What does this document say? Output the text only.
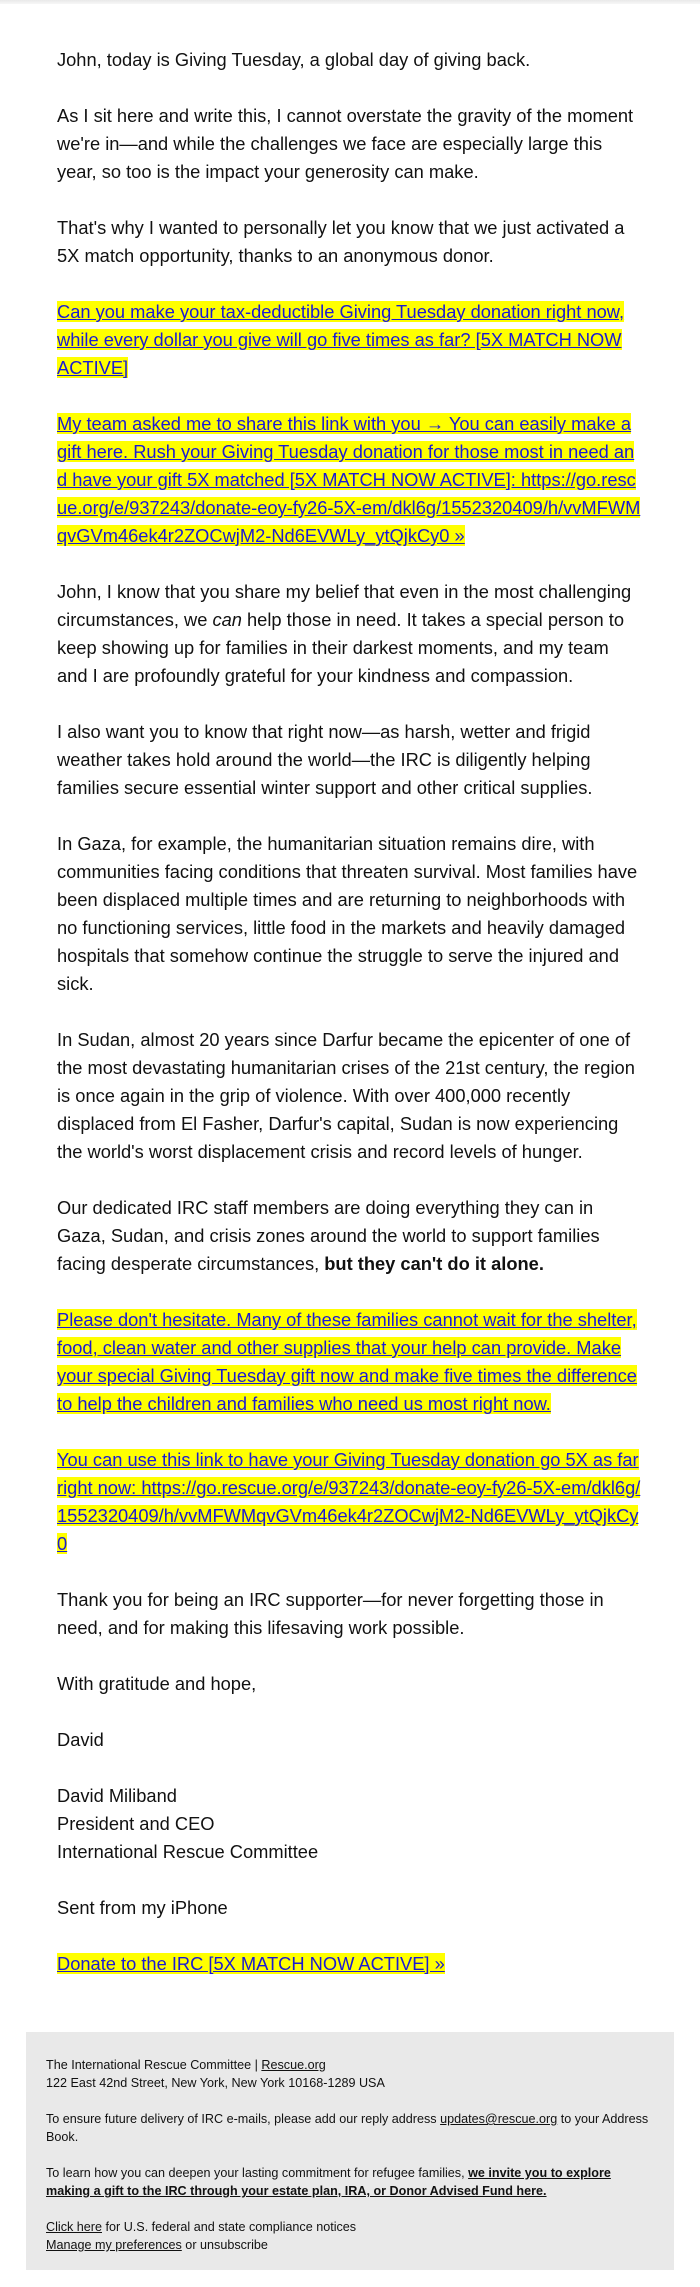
John, today is Giving Tuesday, a global day of giving back.

As I sit here and write this, I cannot overstate the gravity of the moment we're in—and while the challenges we face are especially large this year, so too is the impact your generosity can make.

That's why I wanted to personally let you know that we just activated a 5X match opportunity, thanks to an anonymous donor.

Can you make your tax-deductible Giving Tuesday donation right now, while every dollar you give will go five times as far? [5X MATCH NOW ACTIVE]

My team asked me to share this link with you → You can easily make a gift here. Rush your Giving Tuesday donation for those most in need and have your gift 5X matched [5X MATCH NOW ACTIVE]: https://go.rescue.org/e/937243/donate-eoy-fy26-5X-em/dkl6g/1552320409/h/vvMFWMqvGVm46ek4r2ZOCwjM2-Nd6EVWLy_ytQjkCy0 »

John, I know that you share my belief that even in the most challenging circumstances, we can help those in need. It takes a special person to keep showing up for families in their darkest moments, and my team and I are profoundly grateful for your kindness and compassion.

I also want you to know that right now—as harsh, wetter and frigid weather takes hold around the world—the IRC is diligently helping families secure essential winter support and other critical supplies.

In Gaza, for example, the humanitarian situation remains dire, with communities facing conditions that threaten survival. Most families have been displaced multiple times and are returning to neighborhoods with no functioning services, little food in the markets and heavily damaged hospitals that somehow continue the struggle to serve the injured and sick.

In Sudan, almost 20 years since Darfur became the epicenter of one of the most devastating humanitarian crises of the 21st century, the region is once again in the grip of violence. With over 400,000 recently displaced from El Fasher, Darfur's capital, Sudan is now experiencing the world's worst displacement crisis and record levels of hunger.

Our dedicated IRC staff members are doing everything they can in Gaza, Sudan, and crisis zones around the world to support families facing desperate circumstances, but they can't do it alone.

Please don't hesitate. Many of these families cannot wait for the shelter, food, clean water and other supplies that your help can provide. Make your special Giving Tuesday gift now and make five times the difference to help the children and families who need us most right now.

You can use this link to have your Giving Tuesday donation go 5X as far right now: https://go.rescue.org/e/937243/donate-eoy-fy26-5X-em/dkl6g/1552320409/h/vvMFWMqvGVm46ek4r2ZOCwjM2-Nd6EVWLy_ytQjkCy0

Thank you for being an IRC supporter—for never forgetting those in need, and for making this lifesaving work possible.

With gratitude and hope,

David

David Miliband
President and CEO
International Rescue Committee

Sent from my iPhone

Donate to the IRC [5X MATCH NOW ACTIVE] »

The International Rescue Committee | Rescue.org
122 East 42nd Street, New York, New York 10168-1289 USA

To ensure future delivery of IRC e-mails, please add our reply address updates@rescue.org to your Address Book.

To learn how you can deepen your lasting commitment for refugee families, we invite you to explore making a gift to the IRC through your estate plan, IRA, or Donor Advised Fund here.

Click here for U.S. federal and state compliance notices
Manage my preferences or unsubscribe
